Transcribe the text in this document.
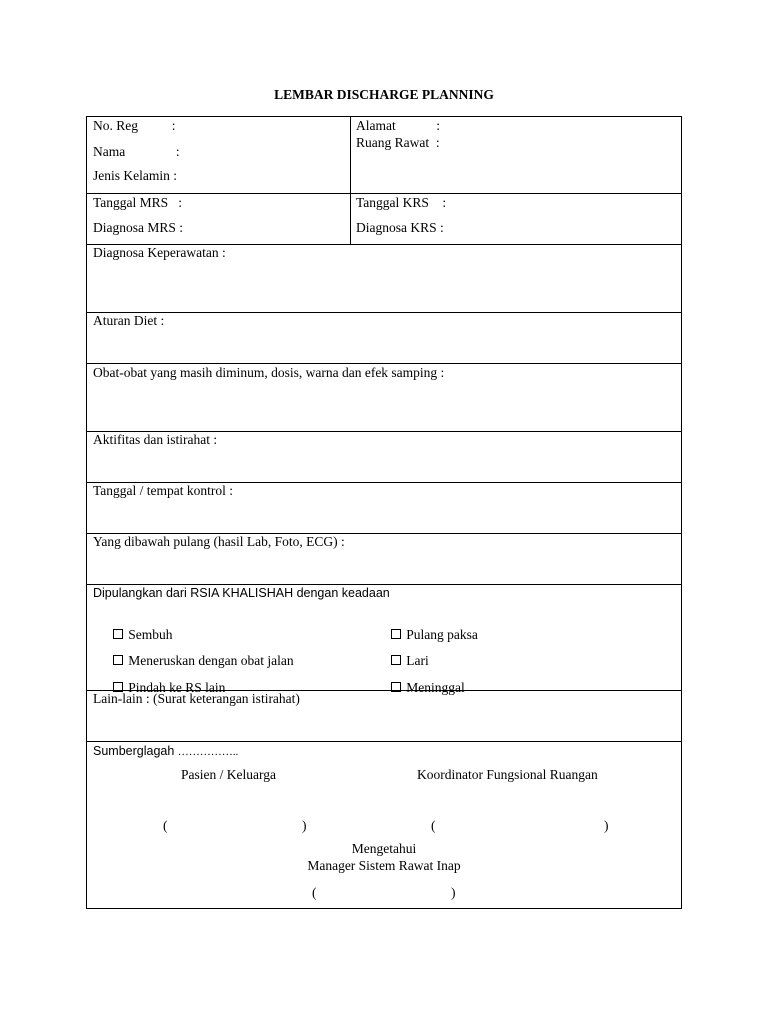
LEMBAR DISCHARGE PLANNING
No. Reg          :
Nama               :
Jenis Kelamin :
Alamat            :
Ruang Rawat  :
Tanggal MRS   :
Diagnosa MRS :
Tanggal KRS    :
Diagnosa KRS :
Diagnosa Keperawatan :
Aturan Diet :
Obat-obat yang masih diminum, dosis, warna dan efek samping :
Aktifitas dan istirahat :
Tanggal / tempat kontrol :
Yang dibawah pulang (hasil Lab, Foto, ECG) :
Dipulangkan dari RSIA KHALISHAH dengan keadaan

Sembuh

Meneruskan dengan obat jalan

Pindah ke RS lain

Pulang paksa

Lari

Meninggal

Lain-lain : (Surat keterangan istirahat)
Sumberglagah ……………..
Pasien / Keluarga	Koordinator Fungsional Ruangan
(	)	(	)
Mengetahui
Manager Sistem Rawat Inap
(	)
